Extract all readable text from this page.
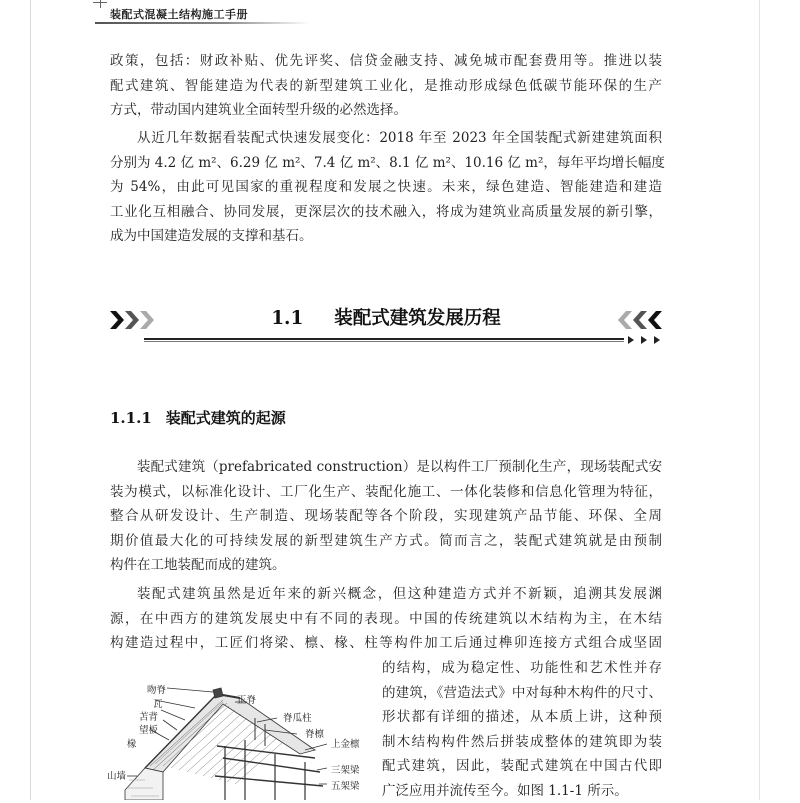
装配式混凝土结构施工手册
政策，包括：财政补贴、优先评奖、信贷金融支持、减免城市配套费用等。推进以装
配式建筑、智能建造为代表的新型建筑工业化，是推动形成绿色低碳节能环保的生产
方式，带动国内建筑业全面转型升级的必然选择。
从近几年数据看装配式快速发展变化：2018 年至 2023 年全国装配式新建建筑面积
分别为 4.2 亿 m²、6.29 亿 m²、7.4 亿 m²、8.1 亿 m²、10.16 亿 m²，每年平均增长幅度
为 54%，由此可见国家的重视程度和发展之快速。未来，绿色建造、智能建造和建造
工业化互相融合、协同发展，更深层次的技术融入，将成为建筑业高质量发展的新引擎，
成为中国建造发展的支撑和基石。
1.1 装配式建筑发展历程
1.1.1 装配式建筑的起源
装配式建筑（prefabricated construction）是以构件工厂预制化生产，现场装配式安
装为模式，以标准化设计、工厂化生产、装配化施工、一体化装修和信息化管理为特征，
整合从研发设计、生产制造、现场装配等各个阶段，实现建筑产品节能、环保、全周
期价值最大化的可持续发展的新型建筑生产方式。简而言之，装配式建筑就是由预制
构件在工地装配而成的建筑。
装配式建筑虽然是近年来的新兴概念，但这种建造方式并不新颖，追溯其发展渊
源，在中西方的建筑发展史中有不同的表现。中国的传统建筑以木结构为主，在木结
构建造过程中，工匠们将梁、檩、椽、柱等构件加工后通过榫卯连接方式组合成坚固
的结构，成为稳定性、功能性和艺术性并存
的建筑，《营造法式》中对每种木构件的尺寸、
形状都有详细的描述，从本质上讲，这种预
制木结构构件然后拼装成整体的建筑即为装
配式建筑，因此，装配式建筑在中国古代即
广泛应用并流传至今。如图 1.1-1 所示。
吻脊
瓦
苫背
望板
椽
山墙
正脊
脊瓜柱
脊檩
上金檩
三架梁
五架梁
